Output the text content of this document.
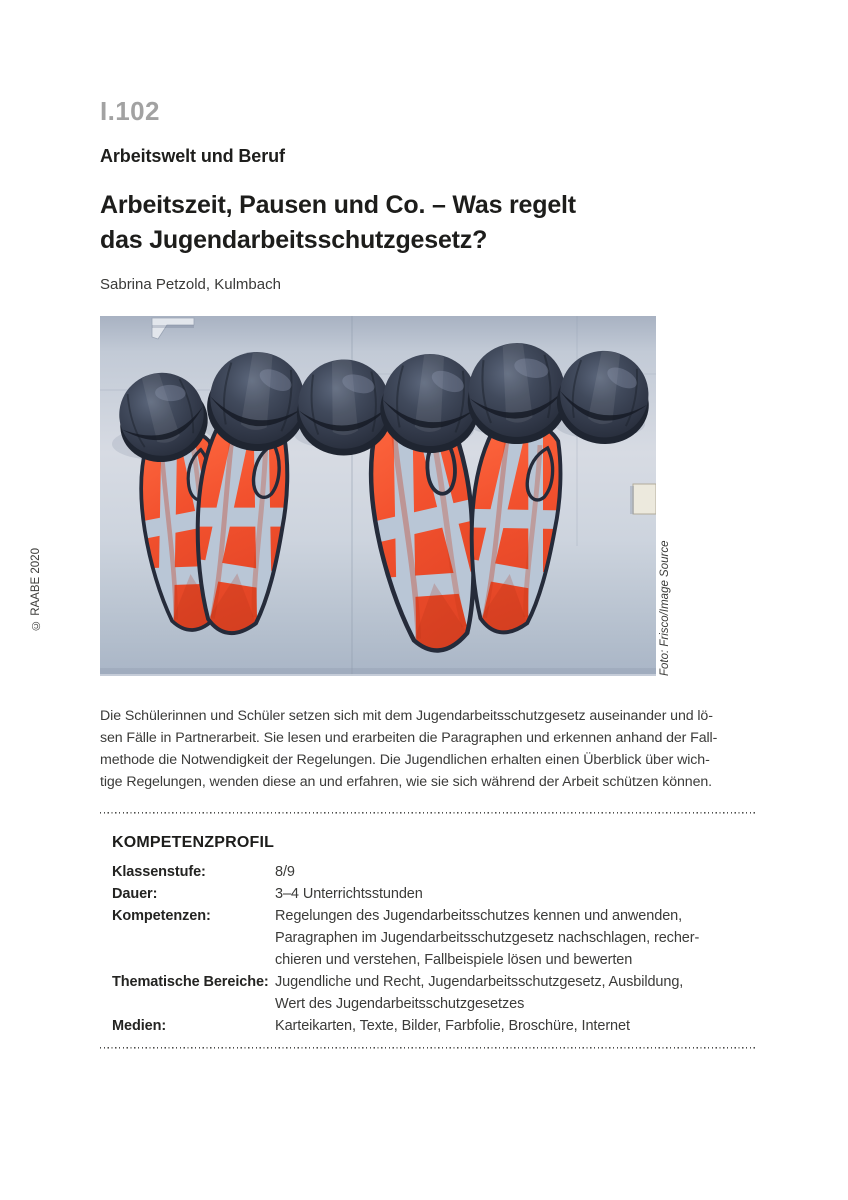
I.102
Arbeitswelt und Beruf
Arbeitszeit, Pausen und Co. – Was regelt
das Jugendarbeitsschutzgesetz?
Sabrina Petzold, Kulmbach
© RAABE 2020	Foto: Frisco/Image Source
Die Schülerinnen und Schüler setzen sich mit dem Jugendarbeitsschutzgesetz auseinander und lö-
sen Fälle in Partnerarbeit. Sie lesen und erarbeiten die Paragraphen und erkennen anhand der Fall-
methode die Notwendigkeit der Regelungen. Die Jugendlichen erhalten einen Überblick über wich-
tige Regelungen, wenden diese an und erfahren, wie sie sich während der Arbeit schützen können.
KOMPETENZPROFIL
Klassenstufe:	8/9
Dauer:	3–4 Unterrichtsstunden
Kompetenzen:	Regelungen des Jugendarbeitsschutzes kennen und anwenden,
Paragraphen im Jugendarbeitsschutzgesetz nachschlagen, recher-
chieren und verstehen, Fallbeispiele lösen und bewerten
Thematische Bereiche: Jugendliche und Recht, Jugendarbeitsschutzgesetz, Ausbildung,
Wert des Jugendarbeitsschutzgesetzes
Medien:	Karteikarten, Texte, Bilder, Farbfolie, Broschüre, Internet
